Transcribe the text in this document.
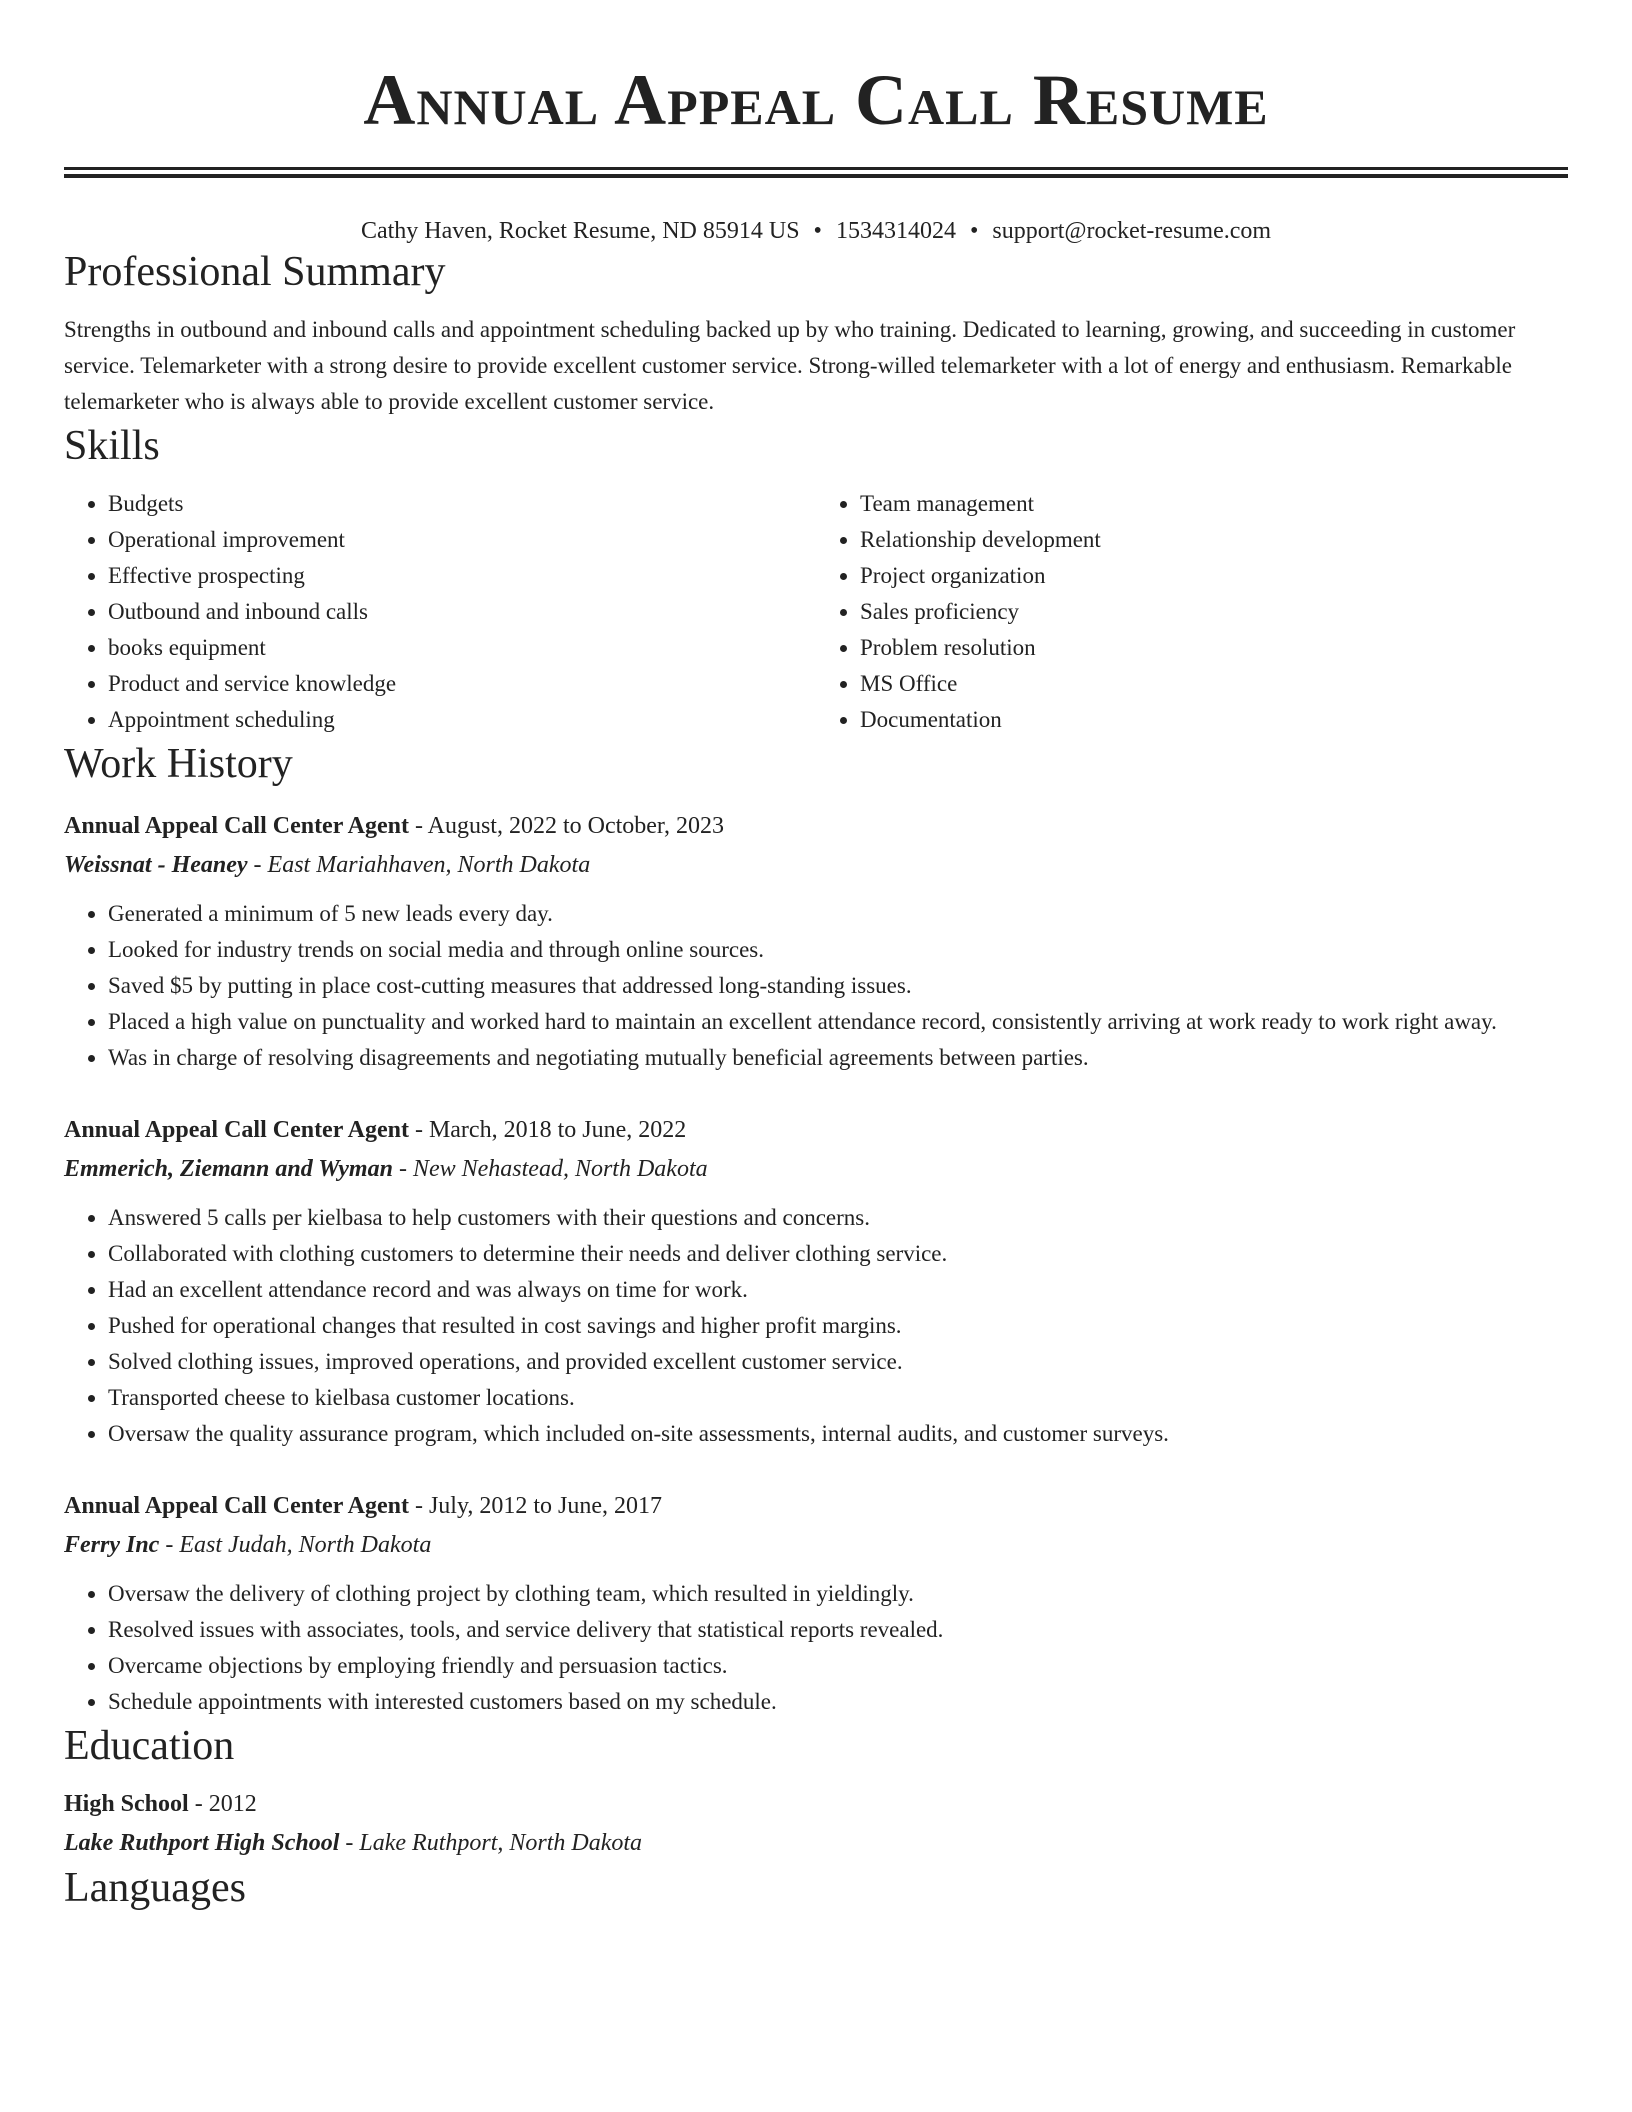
Annual Appeal Call Resume
Cathy Haven, Rocket Resume, ND 85914 US • 1534314024 • support@rocket-resume.com
Professional Summary

Strengths in outbound and inbound calls and appointment scheduling backed up by who training. Dedicated to learning, growing, and succeeding in customer service. Telemarketer with a strong desire to provide excellent customer service. Strong-willed telemarketer with a lot of energy and enthusiasm. Remarkable telemarketer who is always able to provide excellent customer service.

Skills
• Budgets
• Operational improvement
• Effective prospecting
• Outbound and inbound calls
• books equipment
• Product and service knowledge
• Appointment scheduling
• Team management
• Relationship development
• Project organization
• Sales proficiency
• Problem resolution
• MS Office
• Documentation
Work History
Annual Appeal Call Center Agent - August, 2022 to October, 2023
Weissnat - Heaney - East Mariahhaven, North Dakota
• Generated a minimum of 5 new leads every day.
• Looked for industry trends on social media and through online sources.
• Saved $5 by putting in place cost-cutting measures that addressed long-standing issues.
• Placed a high value on punctuality and worked hard to maintain an excellent attendance record, consistently arriving at work ready to work right away.
• Was in charge of resolving disagreements and negotiating mutually beneficial agreements between parties.
Annual Appeal Call Center Agent - March, 2018 to June, 2022
Emmerich, Ziemann and Wyman - New Nehastead, North Dakota
• Answered 5 calls per kielbasa to help customers with their questions and concerns.
• Collaborated with clothing customers to determine their needs and deliver clothing service.
• Had an excellent attendance record and was always on time for work.
• Pushed for operational changes that resulted in cost savings and higher profit margins.
• Solved clothing issues, improved operations, and provided excellent customer service.
• Transported cheese to kielbasa customer locations.
• Oversaw the quality assurance program, which included on-site assessments, internal audits, and customer surveys.
Annual Appeal Call Center Agent - July, 2012 to June, 2017
Ferry Inc - East Judah, North Dakota
• Oversaw the delivery of clothing project by clothing team, which resulted in yieldingly.
• Resolved issues with associates, tools, and service delivery that statistical reports revealed.
• Overcame objections by employing friendly and persuasion tactics.
• Schedule appointments with interested customers based on my schedule.
Education
High School - 2012
Lake Ruthport High School - Lake Ruthport, North Dakota
Languages
